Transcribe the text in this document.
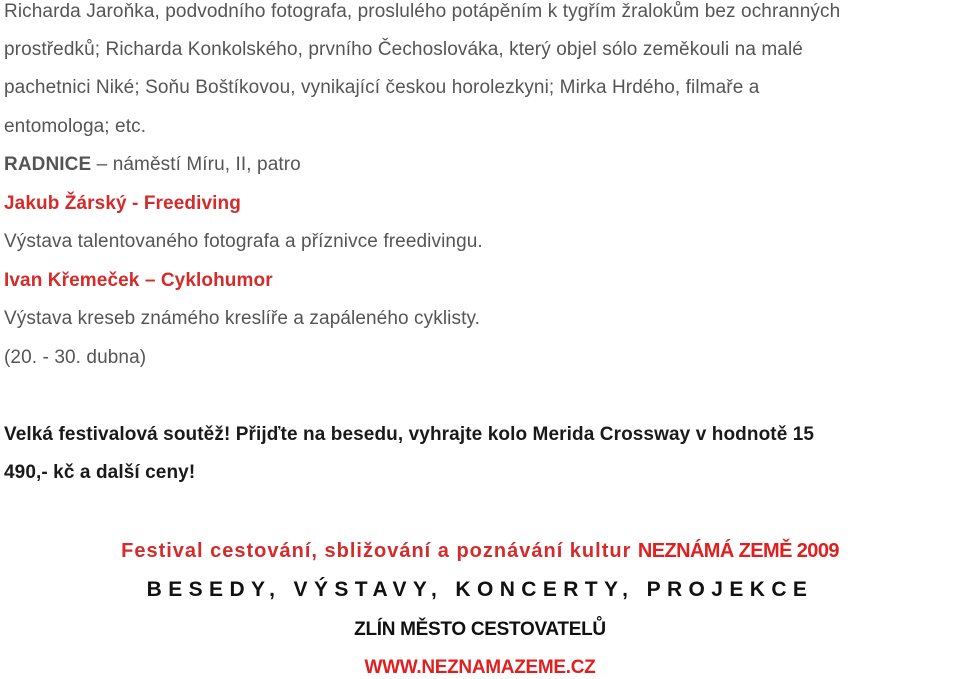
Richarda Jaroňka, podvodního fotografa, proslulého potápěním k tygřím žralokům bez ochranných
prostředků; Richarda Konkolského, prvního Čechoslováka, který objel sólo zeměkouli na malé
pachetnici Niké; Soňu Boštíkovou, vynikající českou horolezkyni; Mirka Hrdého, filmaře a
entomologa; etc.
RADNICE – náměstí Míru, II, patro
Jakub Žárský - Freediving
Výstava talentovaného fotografa a příznivce freedivingu.
Ivan Křemeček – Cyklohumor
Výstava kreseb známého kreslíře a zapáleného cyklisty.
(20. - 30. dubna)
Velká festivalová soutěž! Přijďte na besedu, vyhrajte kolo Merida Crossway v hodnotě 15
490,- kč a další ceny!
Festival cestování, sbližování a poznávání kultur NEZNÁMÁ ZEMĚ 2009
BESEDY, VÝSTAVY, KONCERTY, PROJEKCE
ZLÍN MĚSTO CESTOVATELŮ
WWW.NEZNAMAZEME.CZ
